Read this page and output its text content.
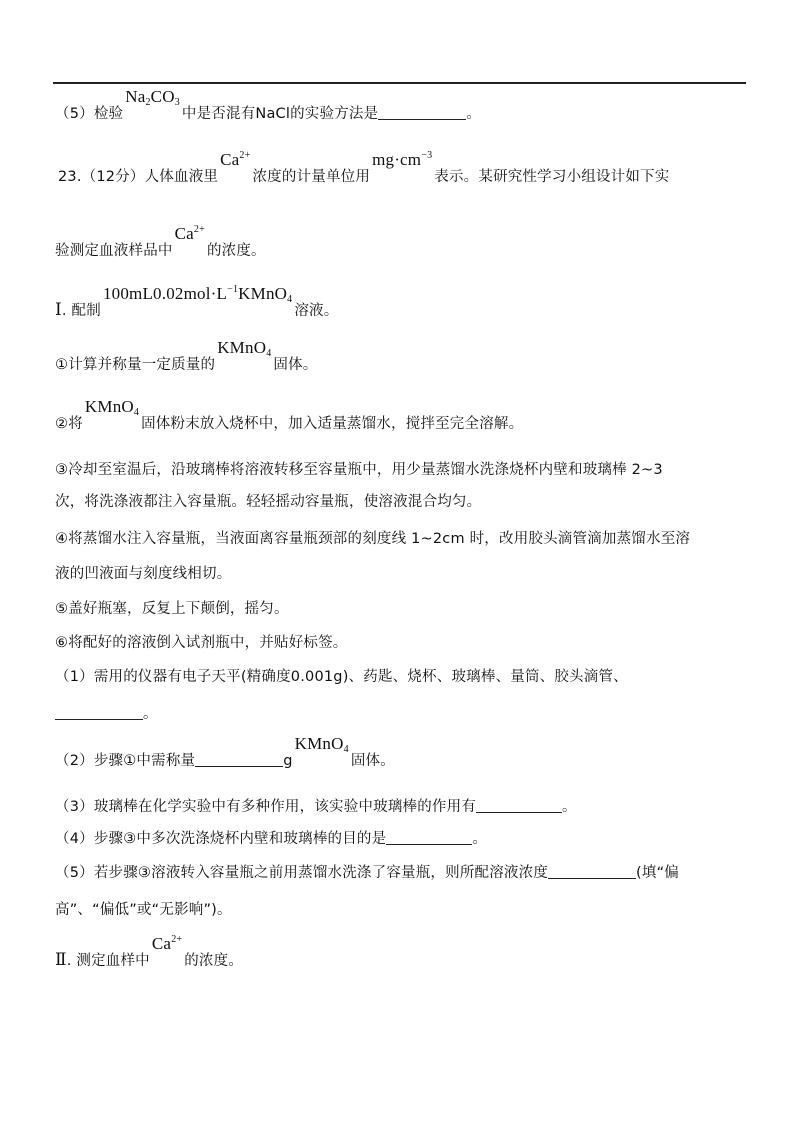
（5）检验$Na_2CO_3$中是否混有NaCl的实验方法是	。
23.（12分）人体血液里$Ca^{2+}$浓度的计量单位用$mg\cdot cm^{-3}$表示。某研究性学习小组设计如下实
验测定血液样品中$Ca^{2+}$的浓度。
Ⅰ. 配制$100mL0.02mol\cdot L^{-1}KMnO_4$溶液。
①计算并称量一定质量的KMnO$_4$固体。
②将KMnO$_4$固体粉末放入烧杯中，加入适量蒸馏水，搅拌至完全溶解。
③冷却至室温后，沿玻璃棒将溶液转移至容量瓶中，用少量蒸馏水洗涤烧杯内壁和玻璃棒 2~3
次，将洗涤液都注入容量瓶。轻轻摇动容量瓶，使溶液混合均匀。
④将蒸馏水注入容量瓶，当液面离容量瓶颈部的刻度线 1~2cm 时，改用胶头滴管滴加蒸馏水至溶
液的凹液面与刻度线相切。
⑤盖好瓶塞，反复上下颠倒，摇匀。
⑥将配好的溶液倒入试剂瓶中，并贴好标签。
（1）需用的仪器有电子天平(精确度0.001g)、药匙、烧杯、玻璃棒、量筒、胶头滴管、
。
（2）步骤①中需称量	gKMnO$_4$固体。
（3）玻璃棒在化学实验中有多种作用，该实验中玻璃棒的作用有	。
（4）步骤③中多次洗涤烧杯内壁和玻璃棒的目的是	。
（5）若步骤③溶液转入容量瓶之前用蒸馏水洗涤了容量瓶，则所配溶液浓度	(填“偏
高”、“偏低”或“无影响”)。
Ⅱ. 测定血样中$Ca^{2+}$的浓度。
